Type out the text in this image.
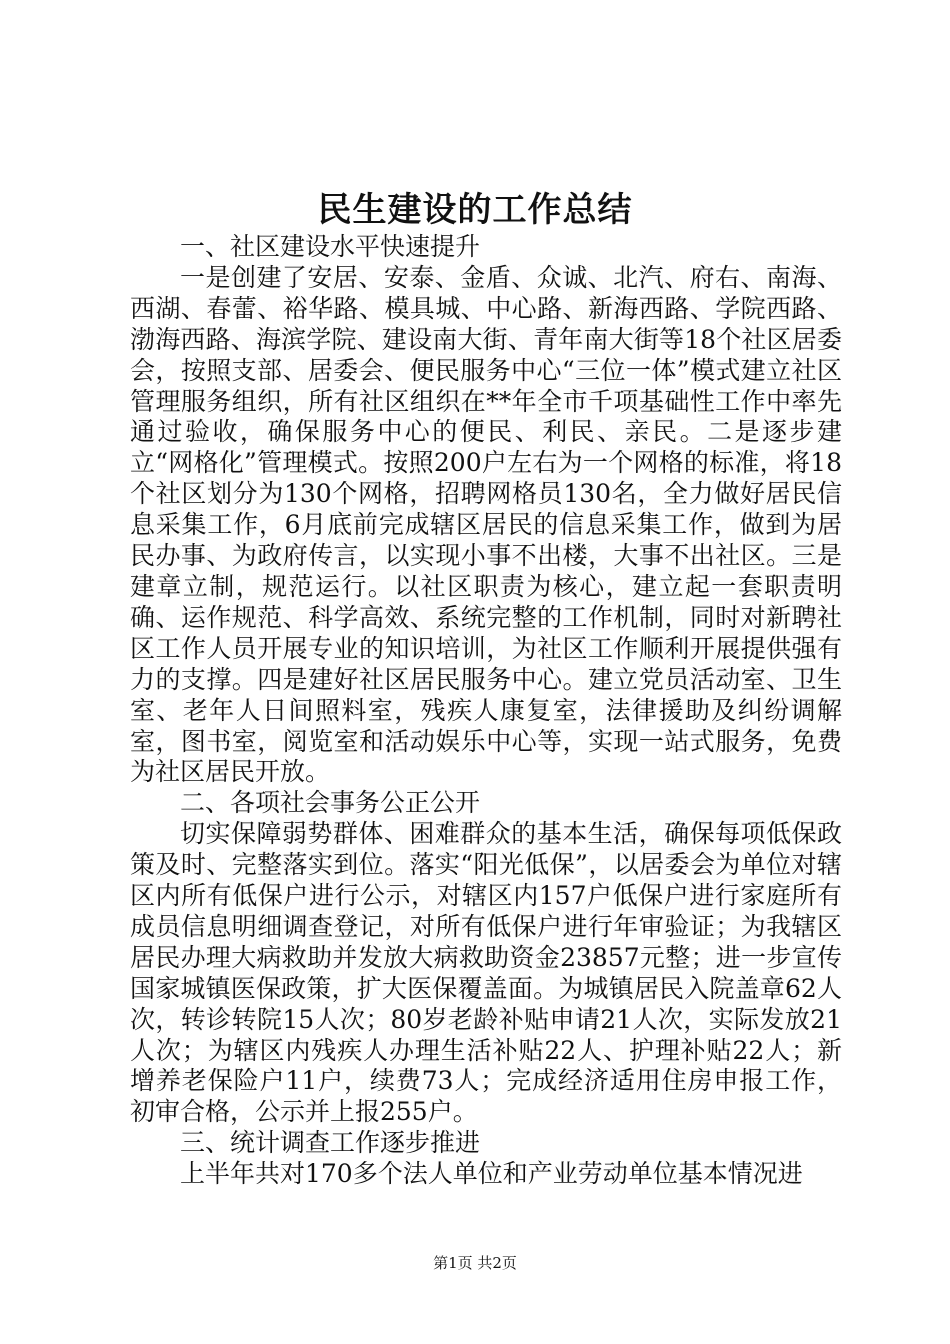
民生建设的工作总结

一、社区建设水平快速提升

一是创建了安居、安泰、金盾、众诚、北汽、府右、南海、西湖、春蕾、裕华路、模具城、中心路、新海西路、学院西路、渤海西路、海滨学院、建设南大街、青年南大街等18个社区居委会，按照支部、居委会、便民服务中心“三位一体”模式建立社区管理服务组织，所有社区组织在**年全市千项基础性工作中率先通过验收，确保服务中心的便民、利民、亲民。二是逐步建立“网格化”管理模式。按照200户左右为一个网格的标准，将18个社区划分为130个网格，招聘网格员130名，全力做好居民信息采集工作，6月底前完成辖区居民的信息采集工作，做到为居民办事、为政府传言，以实现小事不出楼，大事不出社区。三是建章立制，规范运行。以社区职责为核心，建立起一套职责明确、运作规范、科学高效、系统完整的工作机制，同时对新聘社区工作人员开展专业的知识培训，为社区工作顺利开展提供强有力的支撑。四是建好社区居民服务中心。建立党员活动室、卫生室、老年人日间照料室，残疾人康复室，法律援助及纠纷调解室，图书室，阅览室和活动娱乐中心等，实现一站式服务，免费为社区居民开放。

二、各项社会事务公正公开

切实保障弱势群体、困难群众的基本生活，确保每项低保政策及时、完整落实到位。落实“阳光低保”，以居委会为单位对辖区内所有低保户进行公示，对辖区内157户低保户进行家庭所有成员信息明细调查登记，对所有低保户进行年审验证；为我辖区居民办理大病救助并发放大病救助资金23857元整；进一步宣传国家城镇医保政策，扩大医保覆盖面。为城镇居民入院盖章62人次，转诊转院15人次；80岁老龄补贴申请21人次，实际发放21人次；为辖区内残疾人办理生活补贴22人、护理补贴22人；新增养老保险户11户，续费73人；完成经济适用住房申报工作，初审合格，公示并上报255户。

三、统计调查工作逐步推进

上半年共对170多个法人单位和产业劳动单位基本情况进

第1页 共2页
